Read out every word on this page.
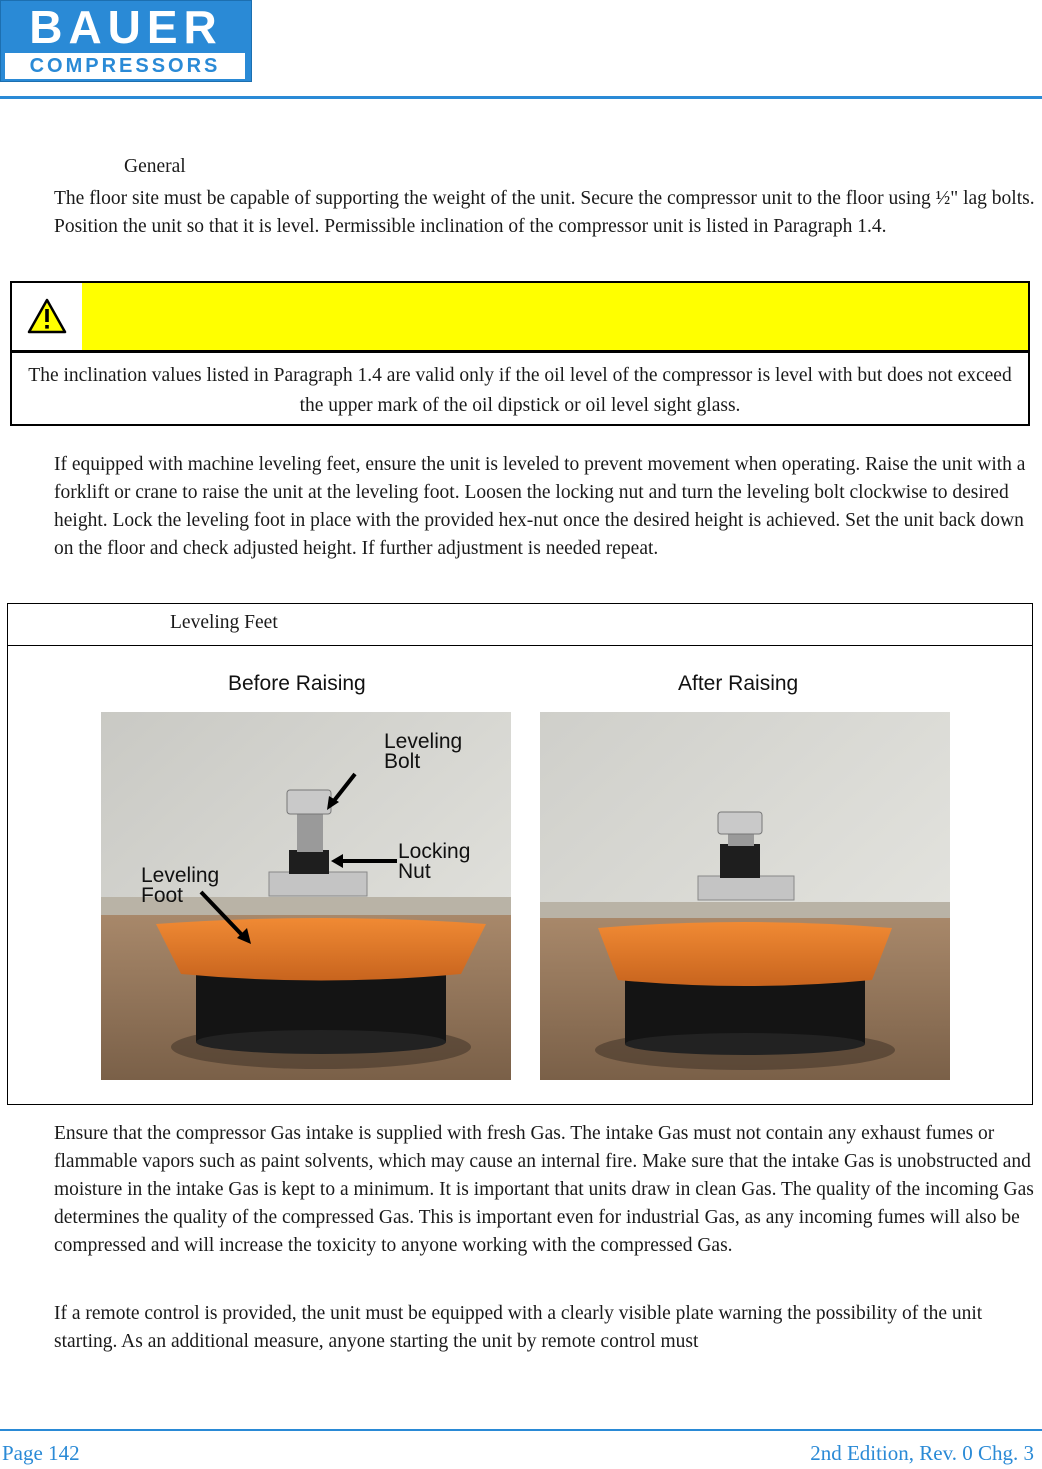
BAUER
COMPRESSORS
General

The floor site must be capable of supporting the weight of the unit. Secure the compressor unit to the floor using ½" lag bolts. Position the unit so that it is level. Permissible inclination of the compressor unit is listed in Paragraph 1.4.

The inclination values listed in Paragraph 1.4 are valid only if the oil level of the compressor is level with but does not exceed the upper mark of the oil dipstick or oil level sight glass.

If equipped with machine leveling feet, ensure the unit is leveled to prevent movement when operating. Raise the unit with a forklift or crane to raise the unit at the leveling foot. Loosen the locking nut and turn the leveling bolt clockwise to desired height. Lock the leveling foot in place with the provided hex-nut once the desired height is achieved. Set the unit back down on the floor and check adjusted height. If further adjustment is needed repeat.

Leveling Feet
Before Raising	After Raising
Leveling
Bolt
Locking
Nut
Leveling
Foot

Ensure that the compressor Gas intake is supplied with fresh Gas. The intake Gas must not contain any exhaust fumes or flammable vapors such as paint solvents, which may cause an internal fire. Make sure that the intake Gas is unobstructed and moisture in the intake Gas is kept to a minimum. It is important that units draw in clean Gas. The quality of the incoming Gas determines the quality of the compressed Gas. This is important even for industrial Gas, as any incoming fumes will also be compressed and will increase the toxicity to anyone working with the compressed Gas.

If a remote control is provided, the unit must be equipped with a clearly visible plate warning the possibility of the unit starting. As an additional measure, anyone starting the unit by remote control must

Page 142	2nd Edition, Rev. 0 Chg. 3
